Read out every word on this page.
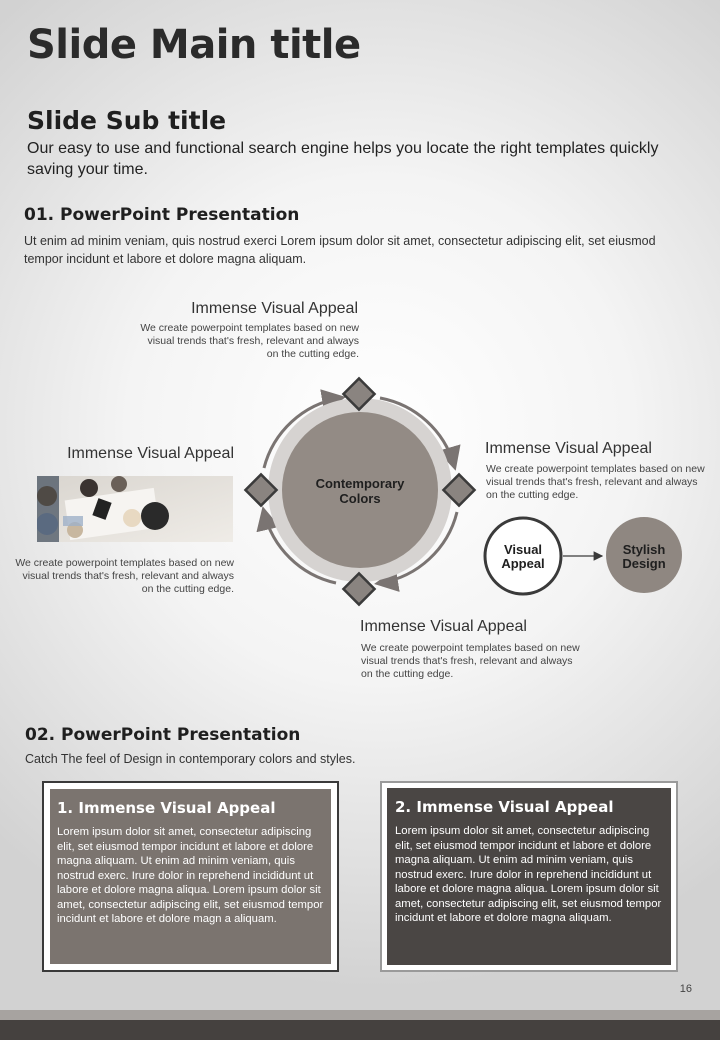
Slide Main title
Slide Sub title
Our easy to use and functional search engine helps you locate the right templates quickly saving your time.
01. PowerPoint Presentation
Ut enim ad minim veniam, quis nostrud exerci Lorem ipsum dolor sit amet, consectetur adipiscing elit, set eiusmod tempor incidunt et labore et dolore magna aliquam.
Immense Visual Appeal
We create powerpoint templates based on new visual trends that's fresh, relevant and always on the cutting edge.
Immense Visual Appeal
We create powerpoint templates based on new visual trends that's fresh, relevant and always on the cutting edge.
Immense Visual Appeal
We create powerpoint templates based on new visual trends that's fresh, relevant and always on the cutting edge.
Immense Visual Appeal
We create powerpoint templates based on new visual trends that's fresh, relevant and always on the cutting edge.
Contemporary
Colors
Visual
Appeal
Stylish
Design
02. PowerPoint Presentation
Catch The feel of Design in contemporary colors and styles.
1. Immense Visual Appeal
Lorem ipsum dolor sit amet, consectetur adipiscing elit, set eiusmod tempor incidunt et labore et dolore magna aliquam. Ut enim ad minim veniam, quis nostrud exerc. Irure dolor in reprehend incididunt ut labore et dolore magna aliqua. Lorem ipsum dolor sit amet, consectetur adipiscing elit, set eiusmod tempor incidunt et labore et dolore magn a aliquam.
2. Immense Visual Appeal
Lorem ipsum dolor sit amet, consectetur adipiscing elit, set eiusmod tempor incidunt et labore et dolore magna aliquam. Ut enim ad minim veniam, quis nostrud exerc. Irure dolor in reprehend incididunt ut labore et dolore magna aliqua. Lorem ipsum dolor sit amet, consectetur adipiscing elit, set eiusmod tempor incidunt et labore et dolore magna aliquam.
16
